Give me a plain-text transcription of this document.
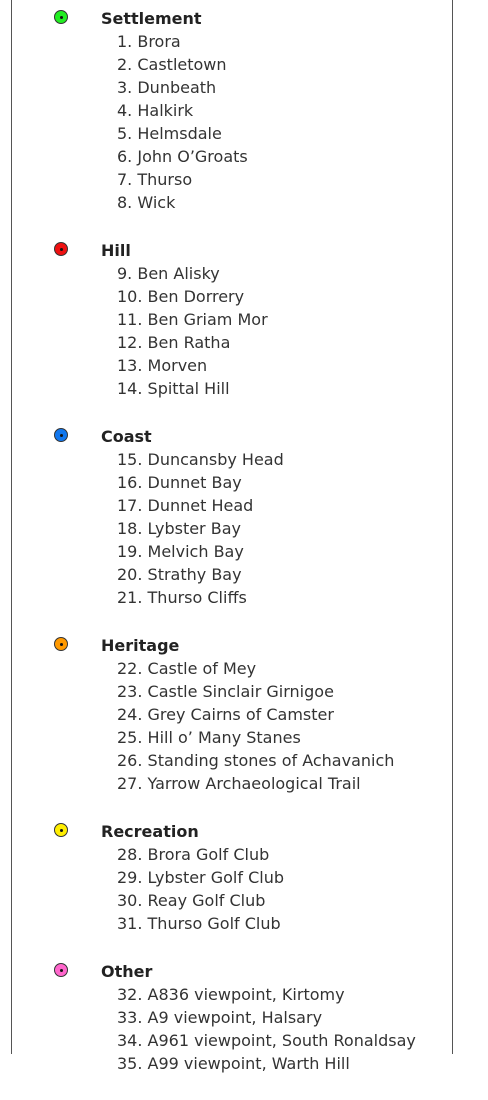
Settlement
1. Brora
2. Castletown
3. Dunbeath
4. Halkirk
5. Helmsdale
6. John O’Groats
7. Thurso
8. Wick
Hill
9. Ben Alisky
10. Ben Dorrery
11. Ben Griam Mor
12. Ben Ratha
13. Morven
14. Spittal Hill
Coast
15. Duncansby Head
16. Dunnet Bay
17. Dunnet Head
18. Lybster Bay
19. Melvich Bay
20. Strathy Bay
21. Thurso Cliffs
Heritage
22. Castle of Mey
23. Castle Sinclair Girnigoe
24. Grey Cairns of Camster
25. Hill o’ Many Stanes
26. Standing stones of Achavanich
27. Yarrow Archaeological Trail
Recreation
28. Brora Golf Club
29. Lybster Golf Club
30. Reay Golf Club
31. Thurso Golf Club
Other
32. A836 viewpoint, Kirtomy
33. A9 viewpoint, Halsary
34. A961 viewpoint, South Ronaldsay
35. A99 viewpoint, Warth Hill
